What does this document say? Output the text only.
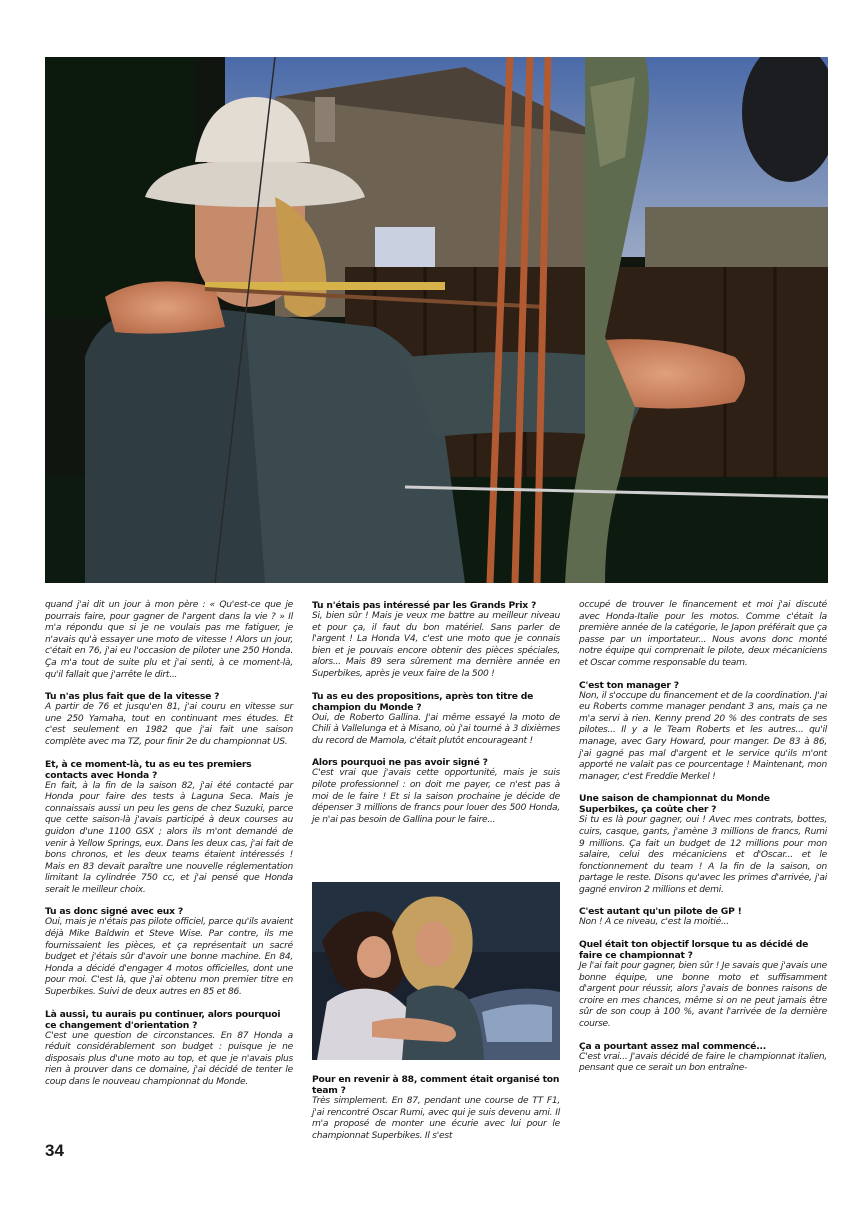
quand j'ai dit un jour à mon père : « Qu'est-ce que je pourrais faire, pour gagner de l'argent dans la vie ? » Il m'a répondu que si je ne voulais pas me fatiguer, je n'avais qu'à essayer une moto de vitesse ! Alors un jour, c'était en 76, j'ai eu l'occasion de piloter une 250 Honda. Ça m'a tout de suite plu et j'ai senti, à ce moment-là, qu'il fallait que j'arrête le dirt...

Tu n'as plus fait que de la vitesse ?

A partir de 76 et jusqu'en 81, j'ai couru en vitesse sur une 250 Yamaha, tout en continuant mes études. Et c'est seulement en 1982 que j'ai fait une saison complète avec ma TZ, pour finir 2e du championnat US.

Et, à ce moment-là, tu as eu tes premiers contacts avec Honda ?

En fait, à la fin de la saison 82, j'ai été contacté par Honda pour faire des tests à Laguna Seca. Mais je connaissais aussi un peu les gens de chez Suzuki, parce que cette saison-là j'avais participé à deux courses au guidon d'une 1100 GSX ; alors ils m'ont demandé de venir à Yellow Springs, eux. Dans les deux cas, j'ai fait de bons chronos, et les deux teams étaient intéressés ! Mais en 83 devait paraître une nouvelle réglementation limitant la cylindrée 750 cc, et j'ai pensé que Honda serait le meilleur choix.

Tu as donc signé avec eux ?

Oui, mais je n'étais pas pilote officiel, parce qu'ils avaient déjà Mike Baldwin et Steve Wise. Par contre, ils me fournissaient les pièces, et ça représentait un sacré budget et j'étais sûr d'avoir une bonne machine. En 84, Honda a décidé d'engager 4 motos officielles, dont une pour moi. C'est là, que j'ai obtenu mon premier titre en Superbikes. Suivi de deux autres en 85 et 86.

Là aussi, tu aurais pu continuer, alors pourquoi ce changement d'orientation ?

C'est une question de circonstances. En 87 Honda a réduit considérablement son budget : puisque je ne disposais plus d'une moto au top, et que je n'avais plus rien à prouver dans ce domaine, j'ai décidé de tenter le coup dans le nouveau championnat du Monde.

Tu n'étais pas intéressé par les Grands Prix ?

Si, bien sûr ! Mais je veux me battre au meilleur niveau et pour ça, il faut du bon matériel. Sans parler de l'argent ! La Honda V4, c'est une moto que je connais bien et je pouvais encore obtenir des pièces spéciales, alors... Mais 89 sera sûrement ma dernière année en Superbikes, après je veux faire de la 500 !

Tu as eu des propositions, après ton titre de champion du Monde ?

Oui, de Roberto Gallina. J'ai même essayé la moto de Chili à Vallelunga et à Misano, où j'ai tourné à 3 dixièmes du record de Mamola, c'était plutôt encourageant !

Alors pourquoi ne pas avoir signé ?

C'est vrai que j'avais cette opportunité, mais je suis pilote professionnel : on doit me payer, ce n'est pas à moi de le faire ! Et si la saison prochaine je décide de dépenser 3 millions de francs pour louer des 500 Honda, je n'ai pas besoin de Gallina pour le faire...

Pour en revenir à 88, comment était organisé ton team ?

Très simplement. En 87, pendant une course de TT F1, j'ai rencontré Oscar Rumi, avec qui je suis devenu ami. Il m'a proposé de monter une écurie avec lui pour le championnat Superbikes. Il s'est

occupé de trouver le financement et moi j'ai discuté avec Honda-Italie pour les motos. Comme c'était la première année de la catégorie, le Japon préférait que ça passe par un importateur... Nous avons donc monté notre équipe qui comprenait le pilote, deux mécaniciens et Oscar comme responsable du team.

C'est ton manager ?

Non, il s'occupe du financement et de la coordination. J'ai eu Roberts comme manager pendant 3 ans, mais ça ne m'a servi à rien. Kenny prend 20 % des contrats de ses pilotes... Il y a le Team Roberts et les autres... qu'il manage, avec Gary Howard, pour manger. De 83 à 86, j'ai gagné pas mal d'argent et le service qu'ils m'ont apporté ne valait pas ce pourcentage ! Maintenant, mon manager, c'est Freddie Merkel !

Une saison de championnat du Monde Superbikes, ça coûte cher ?

Si tu es là pour gagner, oui ! Avec mes contrats, bottes, cuirs, casque, gants, j'amène 3 millions de francs, Rumi 9 millions. Ça fait un budget de 12 millions pour mon salaire, celui des mécaniciens et d'Oscar... et le fonctionnement du team ! A la fin de la saison, on partage le reste. Disons qu'avec les primes d'arrivée, j'ai gagné environ 2 millions et demi.

C'est autant qu'un pilote de GP !

Non ! A ce niveau, c'est la moitié...

Quel était ton objectif lorsque tu as décidé de faire ce championnat ?

Je l'ai fait pour gagner, bien sûr ! Je savais que j'avais une bonne équipe, une bonne moto et suffisamment d'argent pour réussir, alors j'avais de bonnes raisons de croire en mes chances, même si on ne peut jamais être sûr de son coup à 100 %, avant l'arrivée de la dernière course.

Ça a pourtant assez mal commencé...

C'est vrai... J'avais décidé de faire le championnat italien, pensant que ce serait un bon entraîne-

34
